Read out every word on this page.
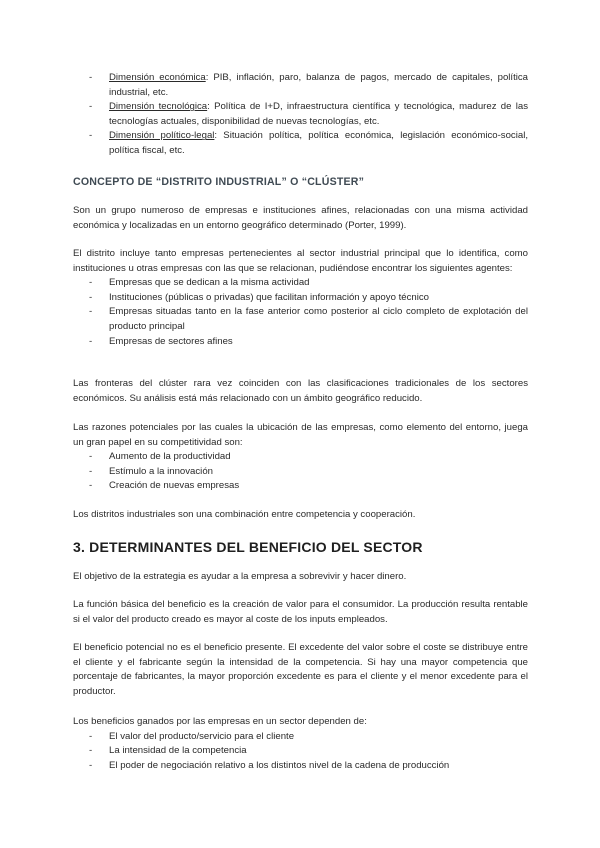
- Dimensión económica: PIB, inflación, paro, balanza de pagos, mercado de capitales, política industrial, etc.
- Dimensión tecnológica: Política de I+D, infraestructura científica y tecnológica, madurez de las tecnologías actuales, disponibilidad de nuevas tecnologías, etc.
- Dimensión político-legal: Situación política, política económica, legislación económico-social, política fiscal, etc.
CONCEPTO DE “DISTRITO INDUSTRIAL” O “CLÚSTER”

Son un grupo numeroso de empresas e instituciones afines, relacionadas con una misma actividad económica y localizadas en un entorno geográfico determinado (Porter, 1999).

El distrito incluye tanto empresas pertenecientes al sector industrial principal que lo identifica, como instituciones u otras empresas con las que se relacionan, pudiéndose encontrar los siguientes agentes:

- Empresas que se dedican a la misma actividad
- Instituciones (públicas o privadas) que facilitan información y apoyo técnico
- Empresas situadas tanto en la fase anterior como posterior al ciclo completo de explotación del producto principal
- Empresas de sectores afines

Las fronteras del clúster rara vez coinciden con las clasificaciones tradicionales de los sectores económicos. Su análisis está más relacionado con un ámbito geográfico reducido.

Las razones potenciales por las cuales la ubicación de las empresas, como elemento del entorno, juega un gran papel en su competitividad son:

- Aumento de la productividad
- Estímulo a la innovación
- Creación de nuevas empresas

Los distritos industriales son una combinación entre competencia y cooperación.

3. DETERMINANTES DEL BENEFICIO DEL SECTOR

El objetivo de la estrategia es ayudar a la empresa a sobrevivir y hacer dinero.

La función básica del beneficio es la creación de valor para el consumidor. La producción resulta rentable si el valor del producto creado es mayor al coste de los inputs empleados.

El beneficio potencial no es el beneficio presente. El excedente del valor sobre el coste se distribuye entre el cliente y el fabricante según la intensidad de la competencia. Si hay una mayor competencia que porcentaje de fabricantes, la mayor proporción excedente es para el cliente y el menor excedente para el productor.

Los beneficios ganados por las empresas en un sector dependen de:

- El valor del producto/servicio para el cliente
- La intensidad de la competencia
- El poder de negociación relativo a los distintos nivel de la cadena de producción
